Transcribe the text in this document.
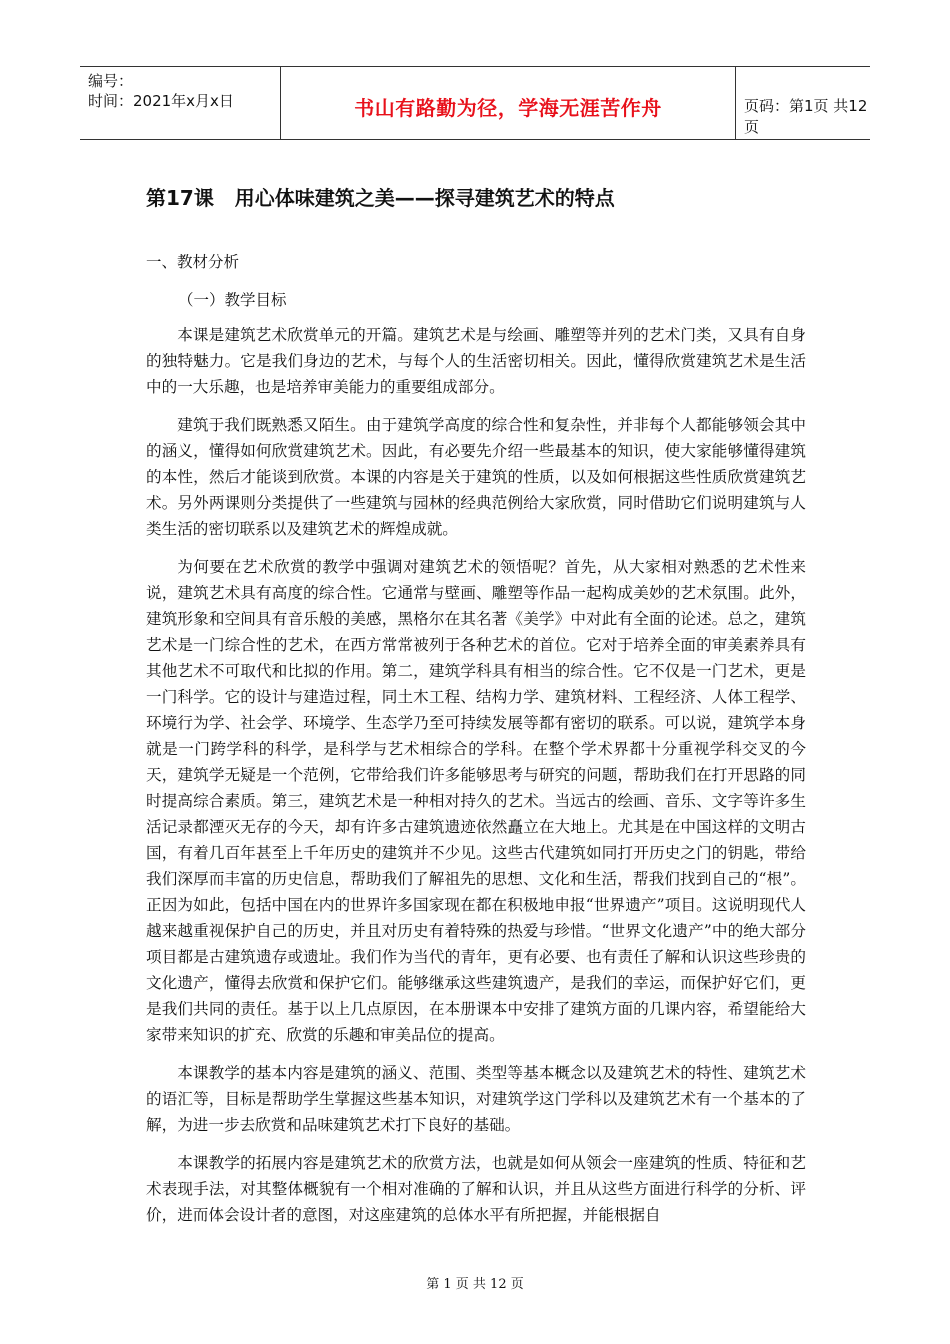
编号：
时间：2021年x月x日	书山有路勤为径，学海无涯苦作舟	页码：第1页 共12页
第17课   用心体味建筑之美——探寻建筑艺术的特点
一、教材分析
（一）教学目标

本课是建筑艺术欣赏单元的开篇。建筑艺术是与绘画、雕塑等并列的艺术门类，又具有自身的独特魅力。它是我们身边的艺术，与每个人的生活密切相关。因此，懂得欣赏建筑艺术是生活中的一大乐趣，也是培养审美能力的重要组成部分。

建筑于我们既熟悉又陌生。由于建筑学高度的综合性和复杂性，并非每个人都能够领会其中的涵义，懂得如何欣赏建筑艺术。因此，有必要先介绍一些最基本的知识，使大家能够懂得建筑的本性，然后才能谈到欣赏。本课的内容是关于建筑的性质，以及如何根据这些性质欣赏建筑艺术。另外两课则分类提供了一些建筑与园林的经典范例给大家欣赏，同时借助它们说明建筑与人类生活的密切联系以及建筑艺术的辉煌成就。

为何要在艺术欣赏的教学中强调对建筑艺术的领悟呢？首先，从大家相对熟悉的艺术性来说，建筑艺术具有高度的综合性。它通常与壁画、雕塑等作品一起构成美妙的艺术氛围。此外，建筑形象和空间具有音乐般的美感，黑格尔在其名著《美学》中对此有全面的论述。总之，建筑艺术是一门综合性的艺术，在西方常常被列于各种艺术的首位。它对于培养全面的审美素养具有其他艺术不可取代和比拟的作用。第二，建筑学科具有相当的综合性。它不仅是一门艺术，更是一门科学。它的设计与建造过程，同土木工程、结构力学、建筑材料、工程经济、人体工程学、环境行为学、社会学、环境学、生态学乃至可持续发展等都有密切的联系。可以说，建筑学本身就是一门跨学科的科学，是科学与艺术相综合的学科。在整个学术界都十分重视学科交叉的今天，建筑学无疑是一个范例，它带给我们许多能够思考与研究的问题，帮助我们在打开思路的同时提高综合素质。第三，建筑艺术是一种相对持久的艺术。当远古的绘画、音乐、文字等许多生活记录都湮灭无存的今天，却有许多古建筑遗迹依然矗立在大地上。尤其是在中国这样的文明古国，有着几百年甚至上千年历史的建筑并不少见。这些古代建筑如同打开历史之门的钥匙，带给我们深厚而丰富的历史信息，帮助我们了解祖先的思想、文化和生活，帮我们找到自己的“根”。正因为如此，包括中国在内的世界许多国家现在都在积极地申报“世界遗产”项目。这说明现代人越来越重视保护自己的历史，并且对历史有着特殊的热爱与珍惜。“世界文化遗产”中的绝大部分项目都是古建筑遗存或遗址。我们作为当代的青年，更有必要、也有责任了解和认识这些珍贵的文化遗产，懂得去欣赏和保护它们。能够继承这些建筑遗产，是我们的幸运，而保护好它们，更是我们共同的责任。基于以上几点原因，在本册课本中安排了建筑方面的几课内容，希望能给大家带来知识的扩充、欣赏的乐趣和审美品位的提高。

本课教学的基本内容是建筑的涵义、范围、类型等基本概念以及建筑艺术的特性、建筑艺术的语汇等，目标是帮助学生掌握这些基本知识，对建筑学这门学科以及建筑艺术有一个基本的了解，为进一步去欣赏和品味建筑艺术打下良好的基础。

本课教学的拓展内容是建筑艺术的欣赏方法，也就是如何从领会一座建筑的性质、特征和艺术表现手法，对其整体概貌有一个相对准确的了解和认识，并且从这些方面进行科学的分析、评价，进而体会设计者的意图，对这座建筑的总体水平有所把握，并能根据自

第 1 页 共 12 页
